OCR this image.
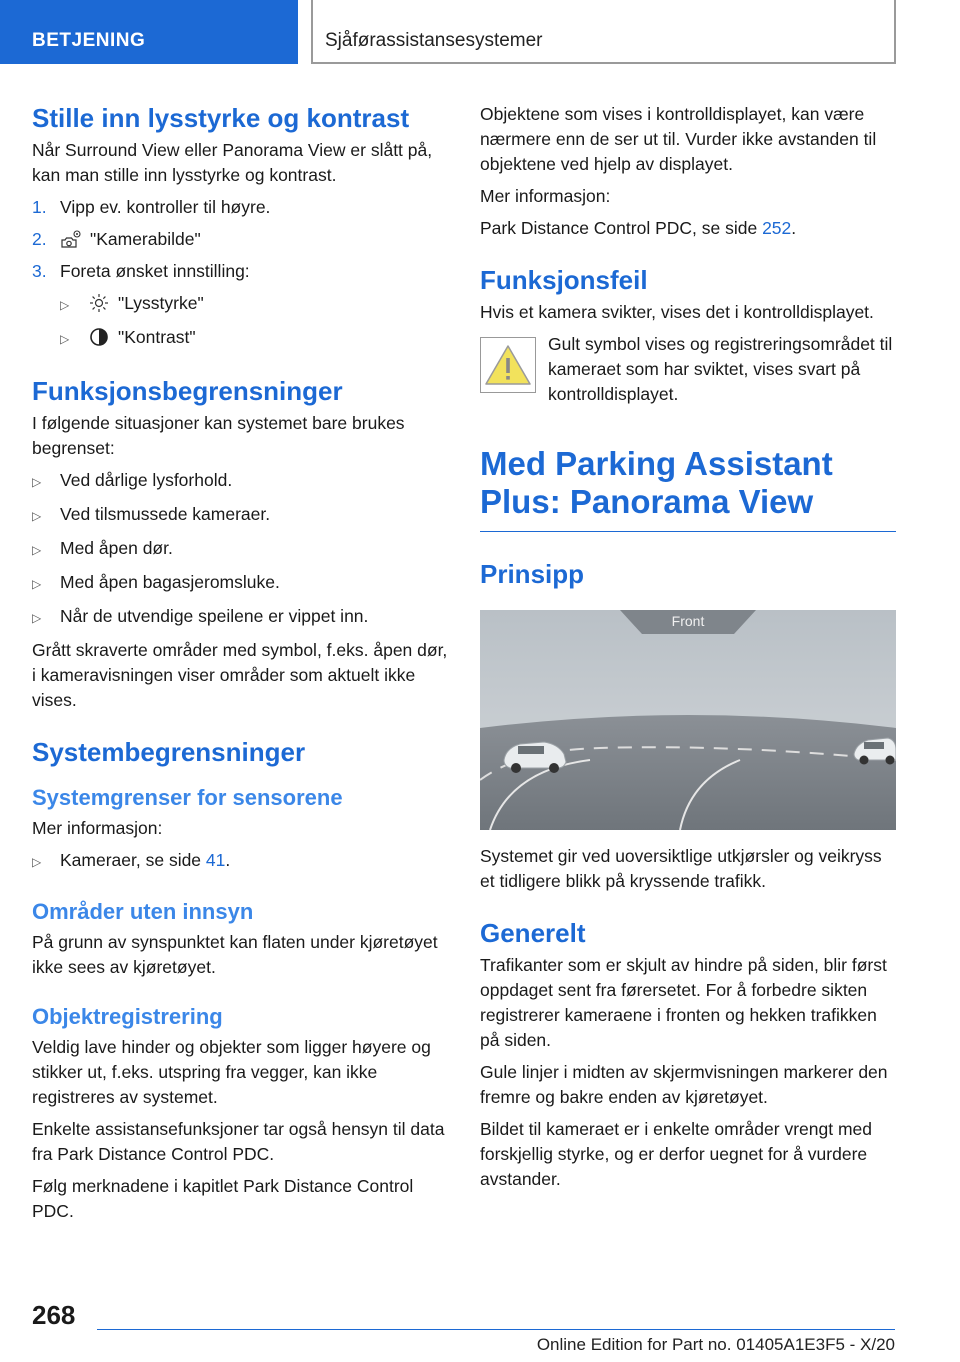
BETJENING	Sjåførassistansesystemer
Stille inn lysstyrke og kontrast

Når Surround View eller Panorama View er slått på, kan man stille inn lysstyrke og kontrast.

1. Vipp ev. kontroller til høyre.
2.	"Kamerabilde"
3. Foreta ønsket innstilling:
▷	"Lysstyrke"
▷	"Kontrast"
Funksjonsbegrensninger

I følgende situasjoner kan systemet bare brukes begrenset:

▷	Ved dårlige lysforhold.
▷	Ved tilsmussede kameraer.
▷	Med åpen dør.
▷	Med åpen bagasjeromsluke.
▷	Når de utvendige speilene er vippet inn.

Grått skraverte områder med symbol, f.eks. åpen dør, i kameravisningen viser områder som aktuelt ikke vises.

Systembegrensninger
Systemgrenser for sensorene

Mer informasjon:

▷	Kameraer, se side 41.
Områder uten innsyn

På grunn av synspunktet kan flaten under kjøretøyet ikke sees av kjøretøyet.

Objektregistrering

Veldig lave hinder og objekter som ligger høyere og stikker ut, f.eks. utspring fra vegger, kan ikke registreres av systemet.

Enkelte assistansefunksjoner tar også hensyn til data fra Park Distance Control PDC.

Følg merknadene i kapitlet Park Distance Control PDC.

Objektene som vises i kontrolldisplayet, kan være nærmere enn de ser ut til. Vurder ikke avstanden til objektene ved hjelp av displayet.

Mer informasjon:

Park Distance Control PDC, se side 252.

Funksjonsfeil

Hvis et kamera svikter, vises det i kontrolldisplayet.

Gult symbol vises og registreringsområdet til kameraet som har sviktet, vises svart på kontrolldisplayet.

Med Parking Assistant Plus: Panorama View
Prinsipp
Front

Systemet gir ved uoversiktlige utkjørsler og veikryss et tidligere blikk på kryssende trafikk.

Generelt

Trafikanter som er skjult av hindre på siden, blir først oppdaget sent fra førersetet. For å forbedre sikten registrerer kameraene i fronten og hekken trafikken på siden.

Gule linjer i midten av skjermvisningen markerer den fremre og bakre enden av kjøretøyet.

Bildet til kameraet er i enkelte områder vrengt med forskjellig styrke, og er derfor uegnet for å vurdere avstander.

268
Online Edition for Part no. 01405A1E3F5 - X/20
